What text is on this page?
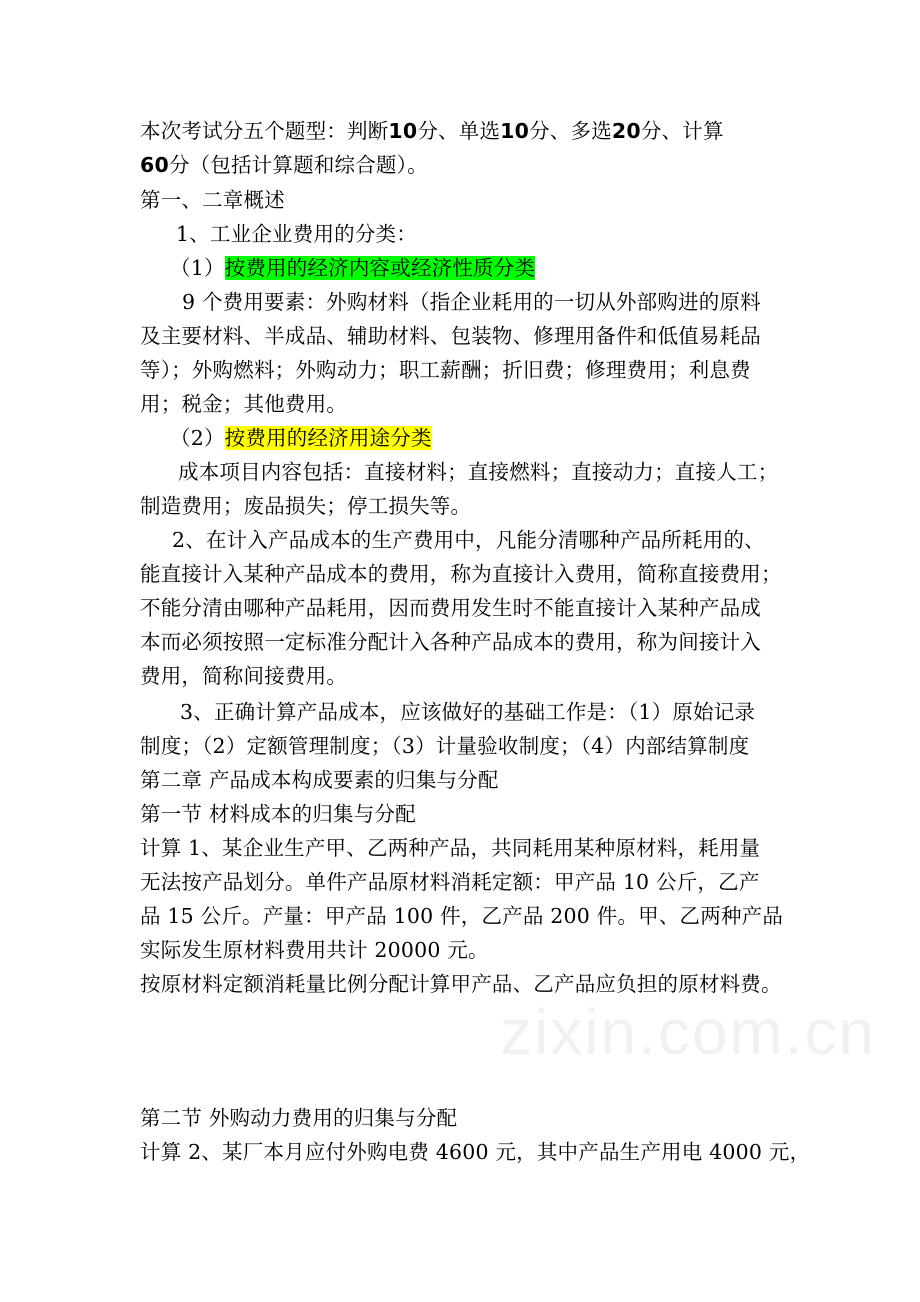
本次考试分五个题型：判断10分、单选10分、多选20分、计算
60分（包括计算题和综合题）。
第一、二章概述
1、工业企业费用的分类：
（1）按费用的经济内容或经济性质分类
9 个费用要素：外购材料（指企业耗用的一切从外部购进的原料
及主要材料、半成品、辅助材料、包装物、修理用备件和低值易耗品
等）；外购燃料；外购动力；职工薪酬；折旧费；修理费用；利息费
用；税金；其他费用。
（2）按费用的经济用途分类
成本项目内容包括：直接材料；直接燃料；直接动力；直接人工；
制造费用；废品损失；停工损失等。
2、在计入产品成本的生产费用中，凡能分清哪种产品所耗用的、
能直接计入某种产品成本的费用，称为直接计入费用，简称直接费用；
不能分清由哪种产品耗用，因而费用发生时不能直接计入某种产品成
本而必须按照一定标准分配计入各种产品成本的费用，称为间接计入
费用，简称间接费用。
3、正确计算产品成本，应该做好的基础工作是：（1）原始记录
制度；（2）定额管理制度；（3）计量验收制度；（4）内部结算制度
第二章 产品成本构成要素的归集与分配
第一节 材料成本的归集与分配
计算 1、某企业生产甲、乙两种产品，共同耗用某种原材料，耗用量
无法按产品划分。单件产品原材料消耗定额：甲产品 10 公斤，乙产
品 15 公斤。产量：甲产品 100 件，乙产品 200 件。甲、乙两种产品
实际发生原材料费用共计 20000 元。
按原材料定额消耗量比例分配计算甲产品、乙产品应负担的原材料费。
zixin.com.cn
第二节 外购动力费用的归集与分配
计算 2、某厂本月应付外购电费 4600 元，其中产品生产用电 4000 元，
